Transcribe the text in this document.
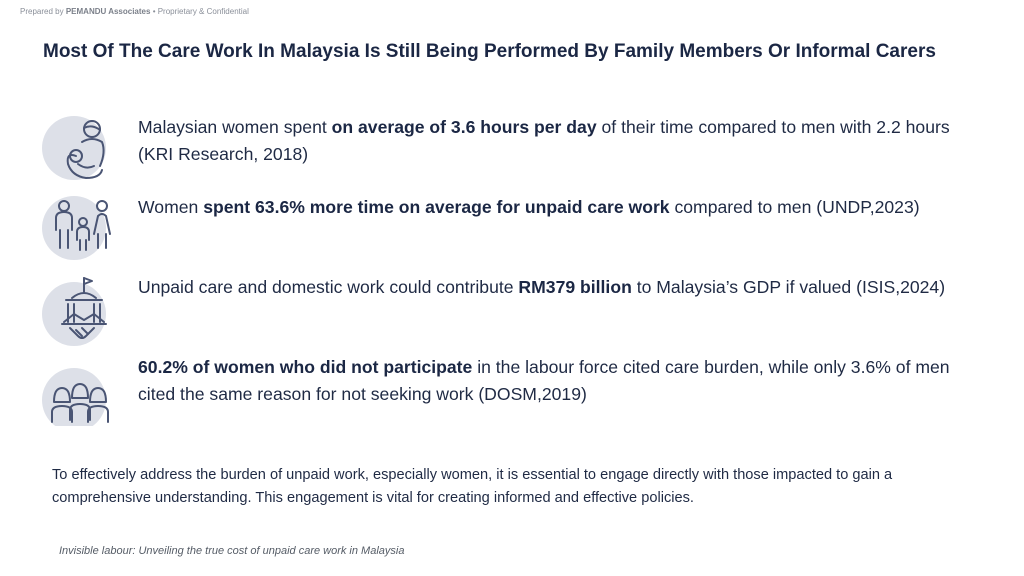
Prepared by PEMANDU Associates • Proprietary & Confidential
Most Of The Care Work In Malaysia Is Still Being Performed By Family Members Or Informal Carers
Malaysian women spent on average of 3.6 hours per day of their time compared to men with 2.2 hours (KRI Research, 2018)
Women spent 63.6% more time on average for unpaid care work compared to men (UNDP,2023)
Unpaid care and domestic work could contribute RM379 billion to Malaysia’s GDP if valued (ISIS,2024)
60.2% of women who did not participate in the labour force cited care burden, while only 3.6% of men cited the same reason for not seeking work (DOSM,2019)

To effectively address the burden of unpaid work, especially women, it is essential to engage directly with those impacted to gain a comprehensive understanding. This engagement is vital for creating informed and effective policies.

Invisible labour: Unveiling the true cost of unpaid care work in Malaysia
